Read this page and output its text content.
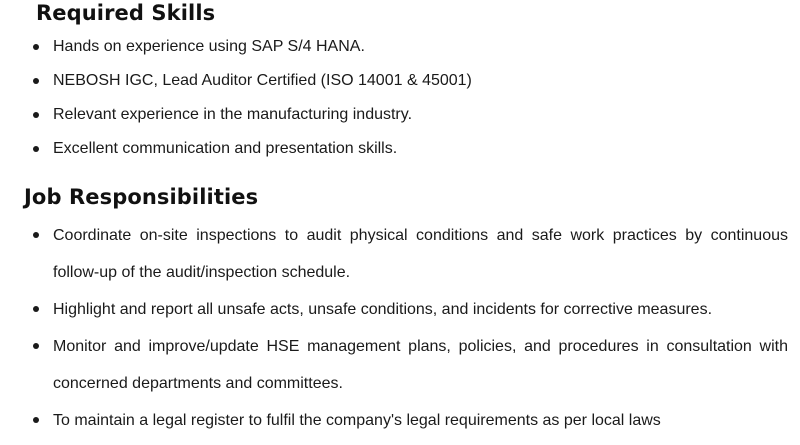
Required Skills
Hands on experience using SAP S/4 HANA.
NEBOSH IGC, Lead Auditor Certified (ISO 14001 & 45001)
Relevant experience in the manufacturing industry.
Excellent communication and presentation skills.
Job Responsibilities
Coordinate on-site inspections to audit physical conditions and safe work practices by continuous follow-up of the audit/inspection schedule.
Highlight and report all unsafe acts, unsafe conditions, and incidents for corrective measures.
Monitor and improve/update HSE management plans, policies, and procedures in consultation with concerned departments and committees.
To maintain a legal register to fulfil the company's legal requirements as per local laws
